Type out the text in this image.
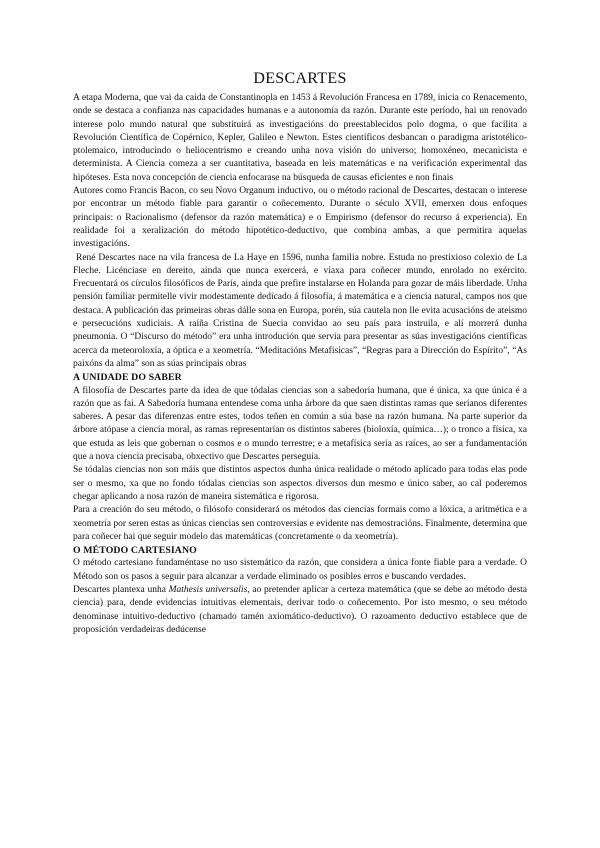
DESCARTES

A etapa Moderna, que vai da caida de Constantinopla en 1453 á Revolución Francesa en 1789, inicia co Renacemento, onde se destaca a confianza nas capacidades humanas e a autonomía da razón. Durante este período, hai un renovado interese polo mundo natural que substituirá as investigacións do preestablecidos polo dogma, o que facilita a Revolución Científica de Copérnico, Kepler, Galileo e Newton. Estes científicos desbancan o paradigma aristotélico-ptolemaico, introducindo o heliocentrismo e creando unha nova visión do universo; homoxéneo, mecanicista e determinista. A Ciencia comeza a ser cuantitativa, baseada en leis matemáticas e na verificación experimental das hipóteses. Esta nova concepción de ciencia enfocarase na búsqueda de causas eficientes e non finais

Autores como Francis Bacon, co seu Novo Organum inductivo, ou o método racional de Descartes, destacan o interese por encontrar un método fiable para garantir o coñecemento. Durante o século XVII, emerxen dous enfoques principais: o Racionalismo (defensor da razón matemática) e o Empirismo (defensor do recurso á experiencia). En realidade foi a xeralización do método hipotético-deductivo, que combina ambas, a que permitira aquelas investigacións.

René Descartes nace na vila francesa de La Haye en 1596, nunha familia nobre. Estuda no prestixioso colexio de La Fleche. Licénciase en dereito, ainda que nunca exercerá, e viaxa para coñecer mundo, enrolado no exército. Frecuentará os círculos filosóficos de París, ainda que prefire instalarse en Holanda para gozar de máis liberdade. Unha pensión familiar permitelle vivir modestamente dedicado á filosofía, á matemática e a ciencia natural, campos nos que destaca. A publicación das primeiras obras dálle sona en Europa, porén, súa cautela non lle evita acusacións de ateismo e persecucións xudiciais. A raíña Cristina de Suecia convidao ao seu país para instruila, e alí morrerá dunha pneumonía. O “Discurso do método” era unha introdución que servía para presentar as súas investigacións científicas acerca da meteoroloxía, a óptica e a xeometría. “Meditacións Metafísicas”, “Regras para a Dirección do Espírito”, “As paixóns da alma” son as súas principais obras

A UNIDADE DO SABER

A filosofía de Descartes parte da idea de que tódalas ciencias son a sabedoría humana, que é única, xa que única é a razón que as fai. A Sabedoría humana entendese coma unha árbore da que saen distintas ramas que seríanos diferentes saberes. A pesar das diferenzas entre estes, todos teñen en común a súa base na razón humana. Na parte superior da árbore atópase a ciencia moral, as ramas representarían os distintos saberes (bioloxía, química…); o tronco a física, xa que estuda as leis que gobernan o cosmos e o mundo terrestre; e a metafísica sería as raíces, ao ser a fundamentación que a nova ciencia precisaba, obxectivo que Descartes perseguía.

Se tódalas ciencias non son máis que distintos aspectos dunha única realidade o método aplicado para todas elas pode ser o mesmo, xa que no fondo tódalas ciencias son aspectos diversos dun mesmo e único saber, ao cal poderemos chegar aplicando a nosa razón de maneira sistemática e rigorosa.

Para a creación do seu método, o filósofo considerará os métodos das ciencias formais como a lóxica, a aritmética e a xeometría por seren estas as únicas ciencias sen controversias e evidente nas demostracións. Finalmente, determina que para coñecer hai que seguir modelo das matemáticas (concretamente o da xeometría).

O MÉTODO CARTESIANO

O método cartesiano fundaméntase no uso sistemático da razón, que considera a única fonte fiable para a verdade. O Método son os pasos a seguir para alcanzar a verdade eliminado os posibles erros e buscando verdades.

Descartes plantexa unha Mathesis universalis, ao pretender aplicar a certeza matemática (que se debe ao método desta ciencia) para, dende evidencias intuitivas elementais, derivar todo o coñecemento. Por isto mesmo, o seu método denominase intuitivo-deductivo (chamado tamén axiomático-deductivo). O razoamento deductivo establece que de proposición verdadeiras dedúcense
